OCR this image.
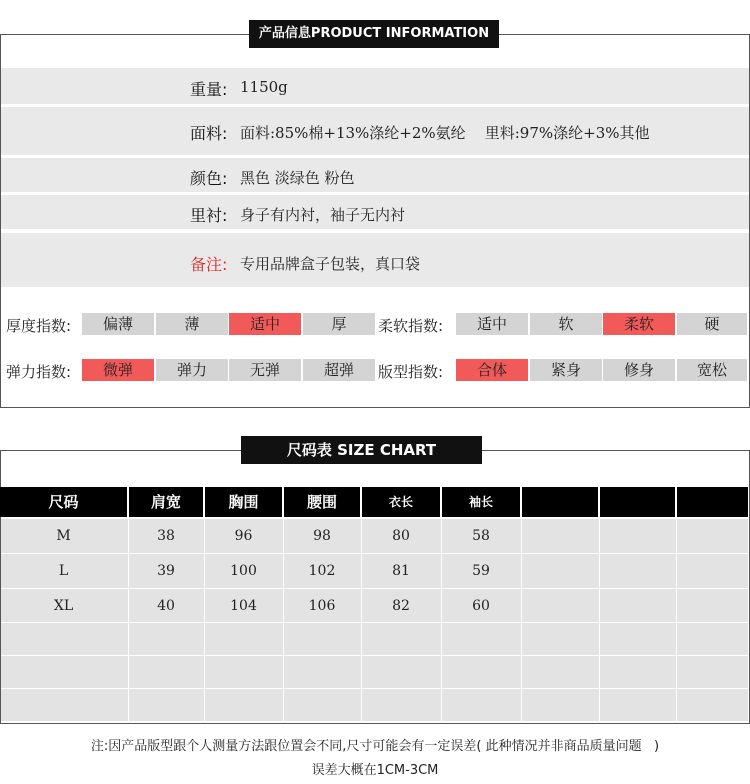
产品信息PRODUCT INFORMATION
重量: 1150g
面料: 面料:85%棉+13%涤纶+2%氨纶    里料:97%涤纶+3%其他
颜色: 黑色 淡绿色 粉色
里衬: 身子有内衬，袖子无内衬
备注: 专用品牌盒子包装，真口袋
厚度指数:	偏薄	薄	适中	厚	柔软指数:	适中	软	柔软	硬
弹力指数:	微弹	弹力	无弹	超弹	版型指数:	合体	紧身	修身	宽松
尺码表 SIZE CHART
尺码	肩宽	胸围	腰围	衣长	袖长
M	38	96	98	80	58
L	39	100	102	81	59
XL	40	104	106	82	60
注:因产品版型跟个人测量方法跟位置会不同,尺寸可能会有一定误差( 此种情况并非商品质量问题   )
误差大概在1CM-3CM
